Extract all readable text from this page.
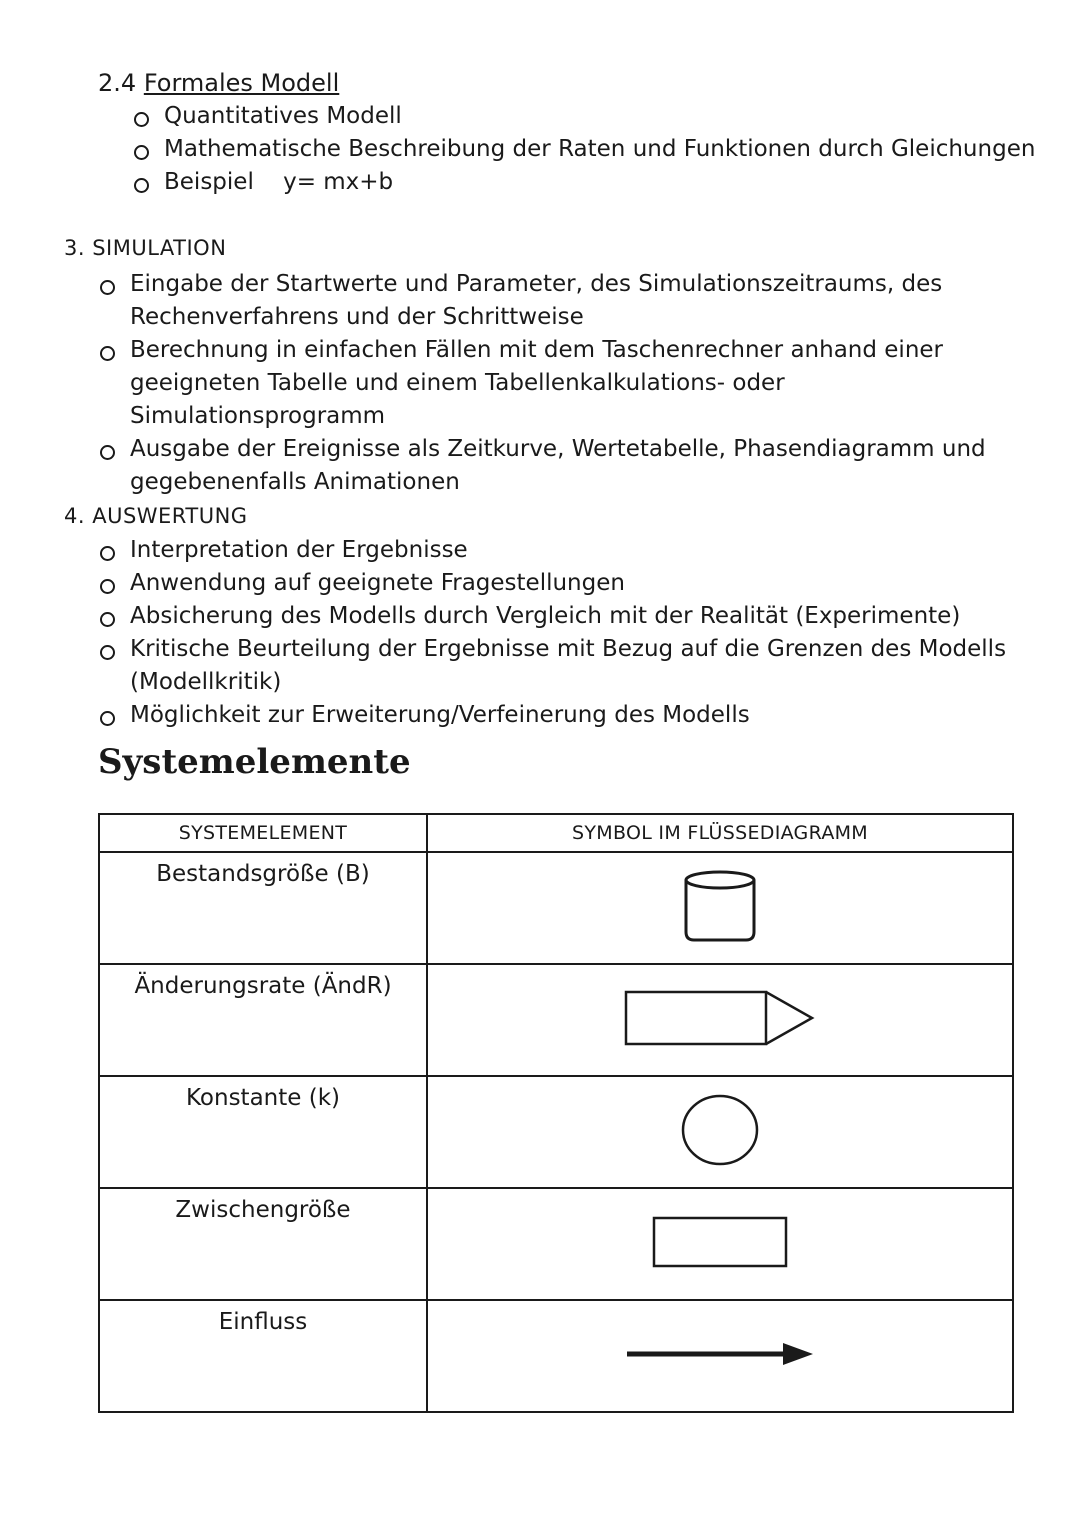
2.4 Formales Modell
Quantitatives Modell
Mathematische Beschreibung der Raten und Funktionen durch Gleichungen
Beispiel    y= mx+b
3. SIMULATION
Eingabe der Startwerte und Parameter, des Simulationszeitraums, des Rechenverfahrens und der Schrittweise
Berechnung in einfachen Fällen mit dem Taschenrechner anhand einer geeigneten Tabelle und einem Tabellenkalkulations- oder Simulationsprogramm
Ausgabe der Ereignisse als Zeitkurve, Wertetabelle, Phasendiagramm und gegebenenfalls Animationen
4. AUSWERTUNG
Interpretation der Ergebnisse
Anwendung auf geeignete Fragestellungen
Absicherung des Modells durch Vergleich mit der Realität (Experimente)
Kritische Beurteilung der Ergebnisse mit Bezug auf die Grenzen des Modells (Modellkritik)
Möglichkeit zur Erweiterung/Verfeinerung des Modells
Systemelemente
SYSTEMELEMENT	SYMBOL IM FLÜSSEDIAGRAMM
Bestandsgröße (B)	
Änderungsrate (ÄndR)	
Konstante (k)	
Zwischengröße	
Einfluss	
